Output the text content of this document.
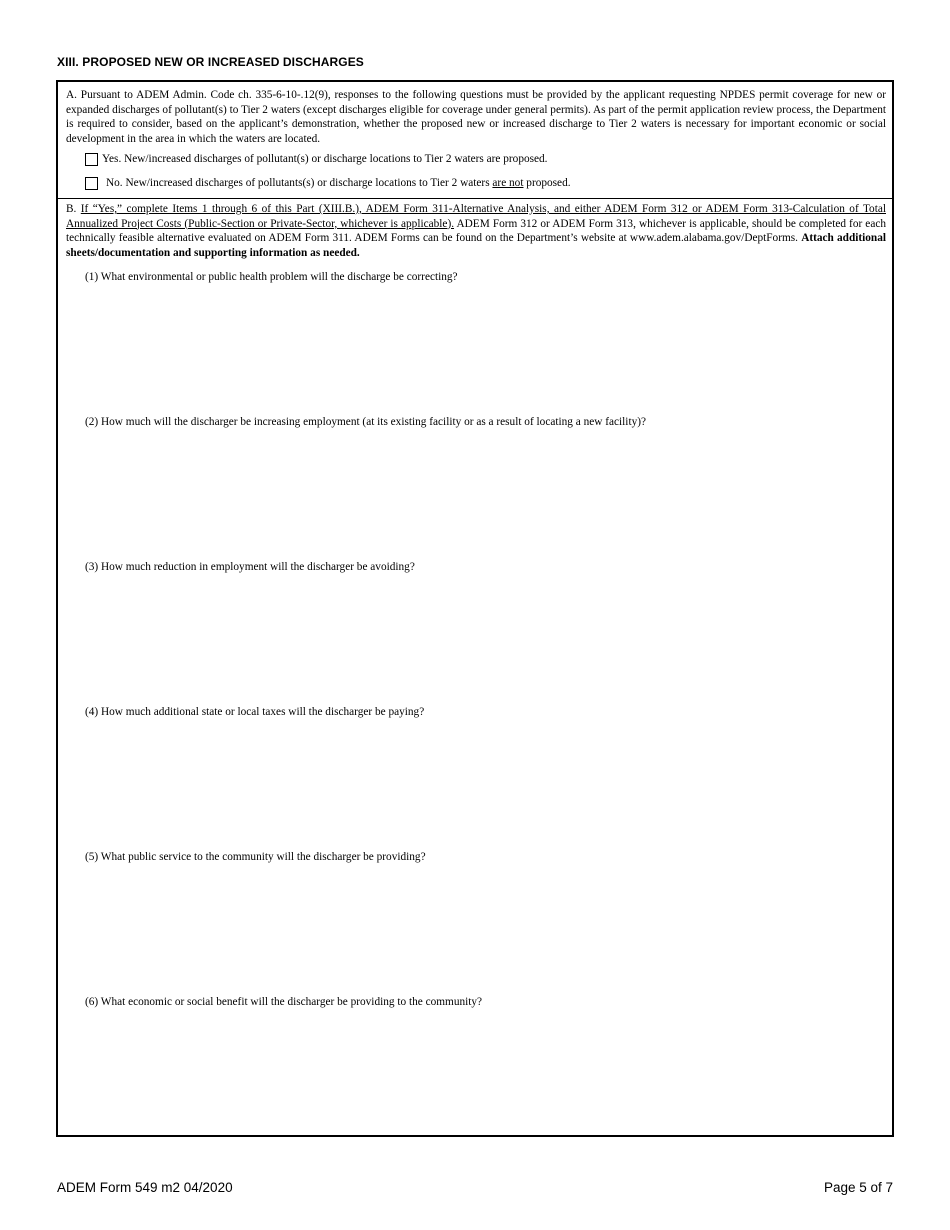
XIII. PROPOSED NEW OR INCREASED DISCHARGES
A. Pursuant to ADEM Admin. Code ch. 335-6-10-.12(9), responses to the following questions must be provided by the applicant requesting NPDES permit coverage for new or expanded discharges of pollutant(s) to Tier 2 waters (except discharges eligible for coverage under general permits). As part of the permit application review process, the Department is required to consider, based on the applicant’s demonstration, whether the proposed new or increased discharge to Tier 2 waters is necessary for important economic or social development in the area in which the waters are located.
Yes. New/increased discharges of pollutant(s) or discharge locations to Tier 2 waters are proposed.
No. New/increased discharges of pollutants(s) or discharge locations to Tier 2 waters are not proposed.
B. If “Yes,” complete Items 1 through 6 of this Part (XIII.B.), ADEM Form 311-Alternative Analysis, and either ADEM Form 312 or ADEM Form 313-Calculation of Total Annualized Project Costs (Public-Section or Private-Sector, whichever is applicable). ADEM Form 312 or ADEM Form 313, whichever is applicable, should be completed for each technically feasible alternative evaluated on ADEM Form 311. ADEM Forms can be found on the Department’s website at www.adem.alabama.gov/DeptForms. Attach additional sheets/documentation and supporting information as needed.
(1) What environmental or public health problem will the discharge be correcting?
(2) How much will the discharger be increasing employment (at its existing facility or as a result of locating a new facility)?
(3) How much reduction in employment will the discharger be avoiding?
(4) How much additional state or local taxes will the discharger be paying?
(5) What public service to the community will the discharger be providing?
(6) What economic or social benefit will the discharger be providing to the community?
ADEM Form 549 m2 04/2020	Page 5 of 7
